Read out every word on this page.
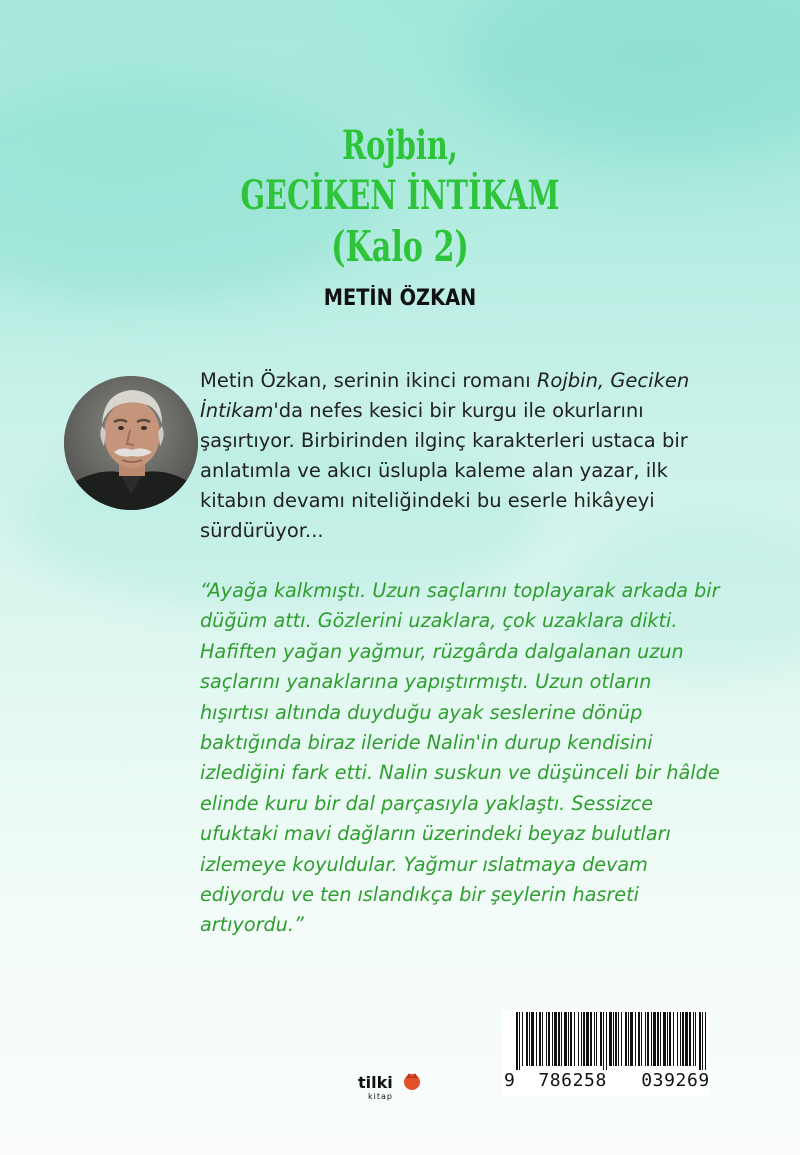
Rojbin,
GECİKEN İNTİKAM
(Kalo 2)
METİN ÖZKAN

Metin Özkan, serinin ikinci romanı Rojbin, Geciken İntikam'da nefes kesici bir kurgu ile okurlarını şaşırtıyor. Birbirinden ilginç karakterleri ustaca bir anlatımla ve akıcı üslupla kaleme alan yazar, ilk kitabın devamı niteliğindeki bu eserle hikâyeyi sürdürüyor...

“Ayağa kalkmıştı. Uzun saçlarını toplayarak arkada bir düğüm attı. Gözlerini uzaklara, çok uzaklara dikti. Hafiften yağan yağmur, rüzgârda dalgalanan uzun saçlarını yanaklarına yapıştırmıştı. Uzun otların hışırtısı altında duyduğu ayak seslerine dönüp baktığında biraz ileride Nalin'in durup kendisini izlediğini fark etti. Nalin suskun ve düşünceli bir hâlde elinde kuru bir dal parçasıyla yaklaştı. Sessizce ufuktaki mavi dağların üzerindeki beyaz bulutları izlemeye koyuldular. Yağmur ıslatmaya devam ediyordu ve ten ıslandıkça bir şeylerin hasreti artıyordu.”

tilki
kitap
9 786258 039269
